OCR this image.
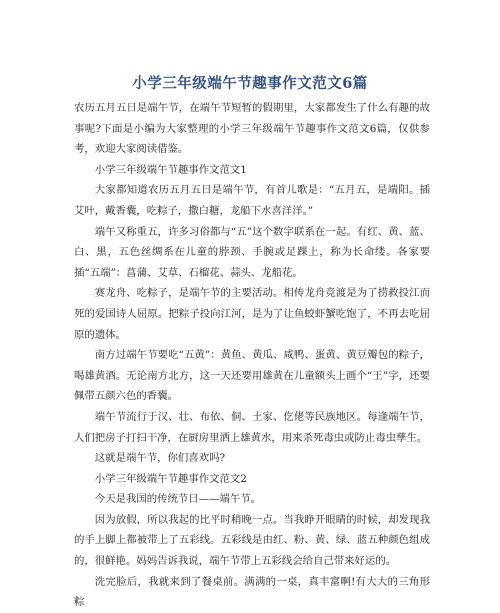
小学三年级端午节趣事作文范文6篇

农历五月五日是端午节，在端午节短暂的假期里，大家都发生了什么有趣的故事呢?下面是小编为大家整理的小学三年级端午节趣事作文范文6篇，仅供参考，欢迎大家阅读借鉴。

小学三年级端午节趣事作文范文1

大家都知道农历五月五日是端午节，有首儿歌是：“五月五，是端阳。插艾叶，戴香囊，吃粽子，撒白糖，龙船下水喜洋洋。”

端午又称重五，许多习俗都与“五”这个数字联系在一起。有红、黄、蓝、白、黑，五色丝绸系在儿童的脖颈、手腕或足踝上，称为长命缕。各家要插“五端”：菖蒲、艾草、石榴花、蒜头、龙船花。

赛龙舟、吃粽子，是端午节的主要活动。相传龙舟竞渡是为了捞救投江而死的爱国诗人屈原。把粽子投向江河，是为了让鱼蛟虾蟹吃饱了，不再去吃屈原的遗体。

南方过端午节要吃“五黄”：黄鱼、黄瓜、咸鸭、蛋黄、黄豆瓣包的粽子，喝雄黄酒。无论南方北方，这一天还要用雄黄在儿童额头上画个“王”字，还要佩带五颜六色的香囊。

端午节流行于汉、壮、布依、侗、土家、仡佬等民族地区。每逢端午节，人们把房子打扫干净，在厨房里洒上雄黄水，用来杀死毒虫或防止毒虫孳生。

这就是端午节，你们喜欢吗?

小学三年级端午节趣事作文范文2

今天是我国的传统节日——端午节。

因为放假，所以我起的比平时稍晚一点。当我睁开眼睛的时候，却发现我的手上脚上都被带上了五彩线。五彩线是由红、粉、黄、绿、蓝五种颜色组成的，很鲜艳。妈妈告诉我说，端午节带上五彩线会给自己带来好运的。

洗完脸后，我就来到了餐桌前。满满的一桌，真丰富啊!有大大的三角形粽
